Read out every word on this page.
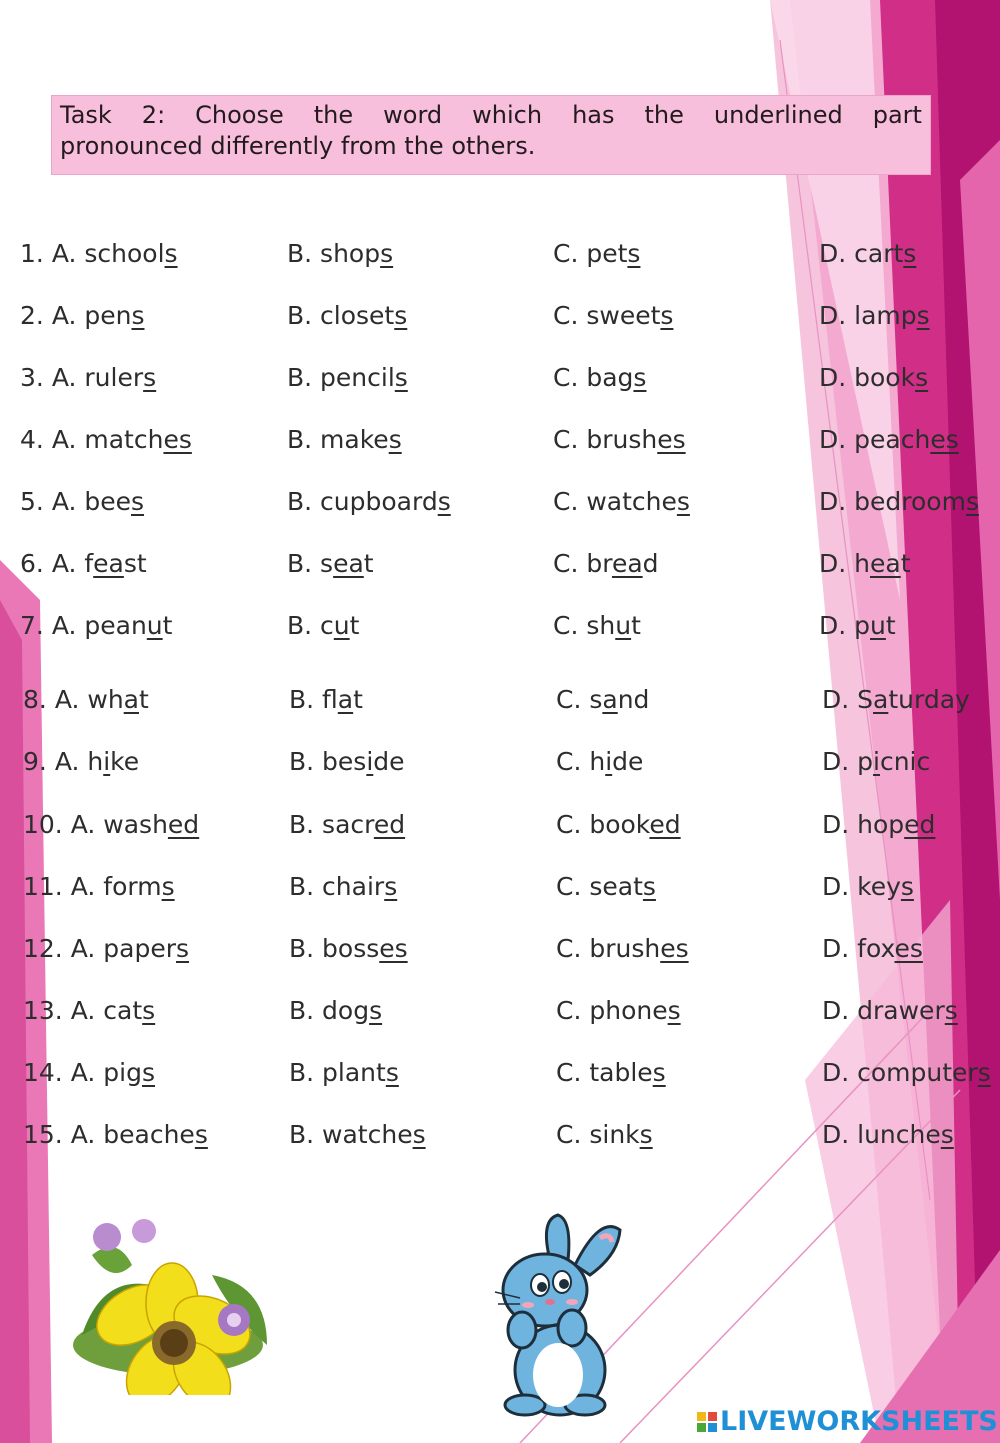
Task 2: Choose the word which has the underlined part
pronounced differently from the others.
1. A. schools	B. shops	C. pets	D. carts
2. A. pens	B. closets	C. sweets	D. lamps
3. A. rulers	B. pencils	C. bags	D. books
4. A. matches	B. makes	C. brushes	D. peaches
5. A. bees	B. cupboards	C. watches	D. bedrooms
6. A. feast	B. seat	C. bread	D. heat
7. A. peanut	B. cut	C. shut	D. put
8. A. what	B. flat	C. sand	D. Saturday
9. A. hike	B. beside	C. hide	D. picnic
10. A. washed	B. sacred	C. booked	D. hoped
11. A. forms	B. chairs	C. seats	D. keys
12. A. papers	B. bosses	C. brushes	D. foxes
13. A. cats	B. dogs	C. phones	D. drawers
14. A. pigs	B. plants	C. tables	D. computers
15. A. beaches	B. watches	C. sinks	D. lunches
LIVEWORKSHEETS
